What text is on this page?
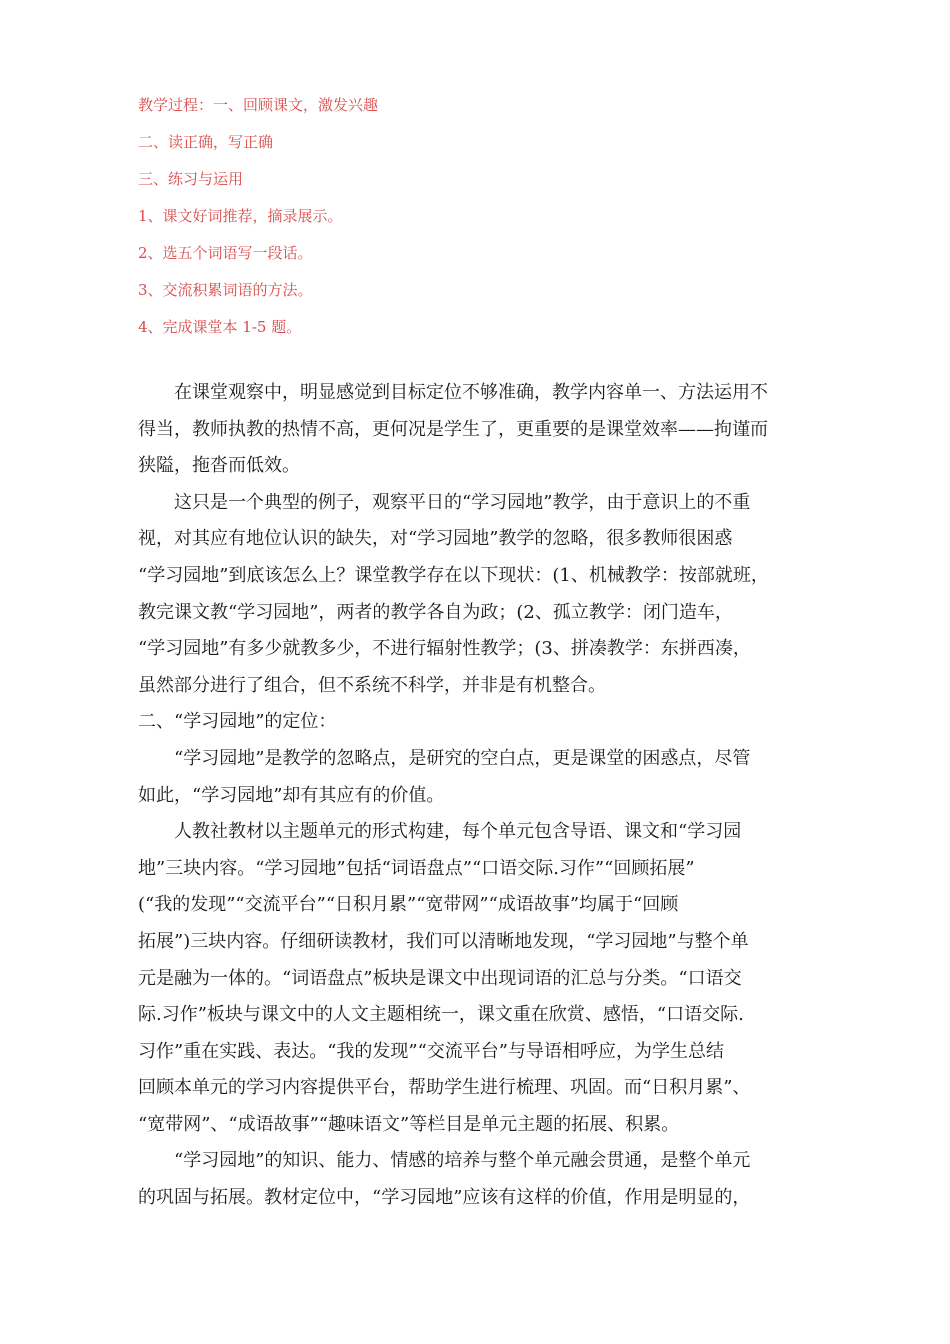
教学过程：一、回顾课文，激发兴趣
二、读正确，写正确
三、练习与运用
1、课文好词推荐，摘录展示。
2、选五个词语写一段话。
3、交流积累词语的方法。
4、完成课堂本 1-5 题。
在课堂观察中，明显感觉到目标定位不够准确，教学内容单一、方法运用不
得当，教师执教的热情不高，更何况是学生了，更重要的是课堂效率——拘谨而
狭隘，拖沓而低效。
这只是一个典型的例子，观察平日的“学习园地”教学，由于意识上的不重
视，对其应有地位认识的缺失，对“学习园地”教学的忽略，很多教师很困惑
“学习园地”到底该怎么上？课堂教学存在以下现状：(1、机械教学：按部就班，
教完课文教“学习园地”，两者的教学各自为政；(2、孤立教学：闭门造车，
“学习园地”有多少就教多少，不进行辐射性教学；(3、拼凑教学：东拼西凑，
虽然部分进行了组合，但不系统不科学，并非是有机整合。
二、“学习园地”的定位：
“学习园地”是教学的忽略点，是研究的空白点，更是课堂的困惑点，尽管
如此，“学习园地”却有其应有的价值。
人教社教材以主题单元的形式构建，每个单元包含导语、课文和“学习园
地”三块内容。“学习园地”包括“词语盘点”“口语交际.习作”“回顾拓展”
(“我的发现”“交流平台”“日积月累”“宽带网”“成语故事”均属于“回顾
拓展”)三块内容。仔细研读教材，我们可以清晰地发现，“学习园地”与整个单
元是融为一体的。“词语盘点”板块是课文中出现词语的汇总与分类。“口语交
际.习作”板块与课文中的人文主题相统一，课文重在欣赏、感悟，“口语交际.
习作”重在实践、表达。“我的发现”“交流平台”与导语相呼应，为学生总结
回顾本单元的学习内容提供平台，帮助学生进行梳理、巩固。而“日积月累”、
“宽带网”、“成语故事”“趣味语文”等栏目是单元主题的拓展、积累。
“学习园地”的知识、能力、情感的培养与整个单元融会贯通，是整个单元
的巩固与拓展。教材定位中，“学习园地”应该有这样的价值，作用是明显的，
